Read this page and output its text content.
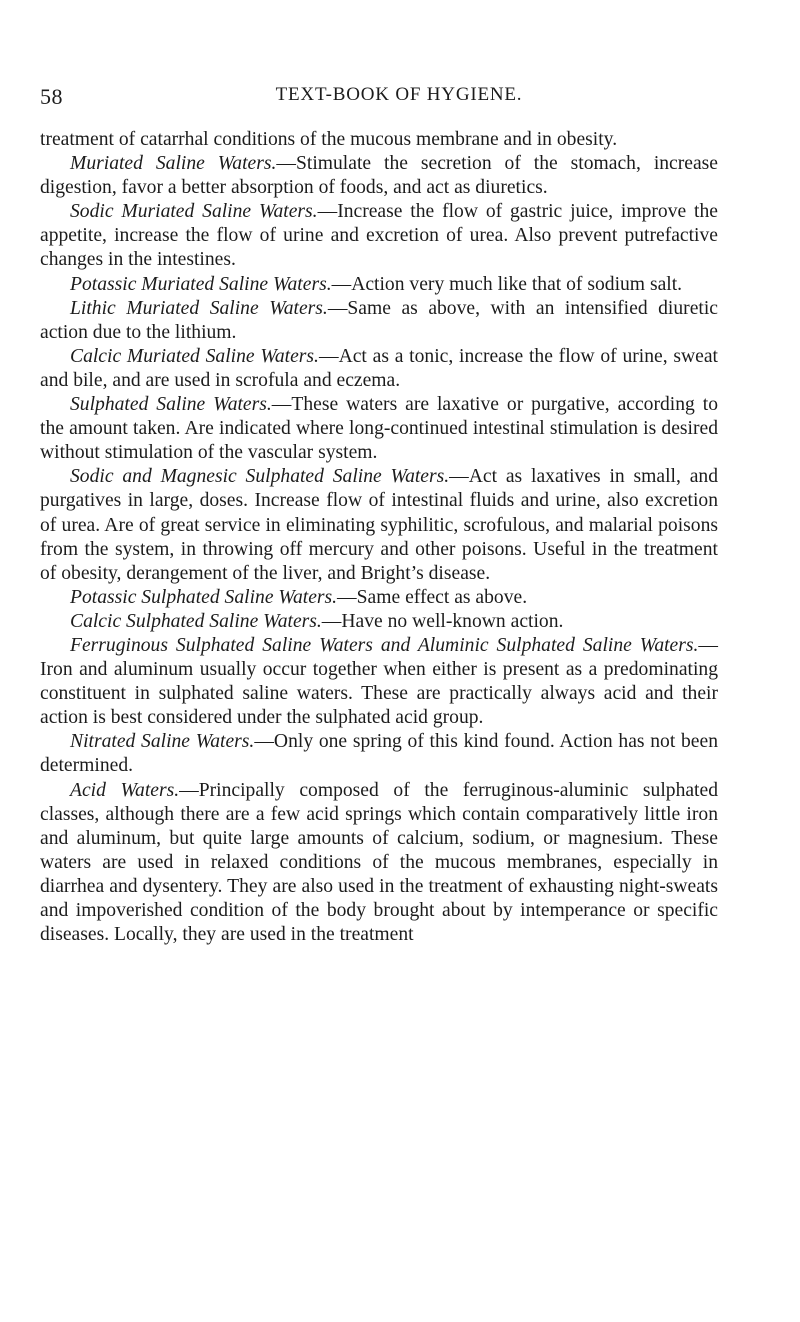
58	TEXT-BOOK OF HYGIENE.

treatment of catarrhal conditions of the mucous membrane and in obesity.

Muriated Saline Waters.—Stimulate the secretion of the stomach, increase digestion, favor a better absorption of foods, and act as diuretics.

Sodic Muriated Saline Waters.—Increase the flow of gastric juice, improve the appetite, increase the flow of urine and excretion of urea. Also prevent putrefactive changes in the intestines.

Potassic Muriated Saline Waters.—Action very much like that of sodium salt.

Lithic Muriated Saline Waters.—Same as above, with an intensified diuretic action due to the lithium.

Calcic Muriated Saline Waters.—Act as a tonic, increase the flow of urine, sweat and bile, and are used in scrofula and eczema.

Sulphated Saline Waters.—These waters are laxative or purgative, according to the amount taken. Are indicated where long-continued intestinal stimulation is desired without stimulation of the vascular system.

Sodic and Magnesic Sulphated Saline Waters.—Act as laxatives in small, and purgatives in large, doses. Increase flow of intestinal fluids and urine, also excretion of urea. Are of great service in eliminating syphilitic, scrofulous, and malarial poisons from the system, in throwing off mercury and other poisons. Useful in the treatment of obesity, derangement of the liver, and Bright’s disease.

Potassic Sulphated Saline Waters.—Same effect as above.

Calcic Sulphated Saline Waters.—Have no well-known action.

Ferruginous Sulphated Saline Waters and Aluminic Sulphated Saline Waters.—Iron and aluminum usually occur together when either is present as a predominating constituent in sulphated saline waters. These are practically always acid and their action is best considered under the sulphated acid group.

Nitrated Saline Waters.—Only one spring of this kind found. Action has not been determined.

Acid Waters.—Principally composed of the ferruginous-aluminic sulphated classes, although there are a few acid springs which contain comparatively little iron and aluminum, but quite large amounts of calcium, sodium, or magnesium. These waters are used in relaxed conditions of the mucous membranes, especially in diarrhea and dysentery. They are also used in the treatment of exhausting night-sweats and impoverished condition of the body brought about by intemperance or specific diseases. Locally, they are used in the treatment
